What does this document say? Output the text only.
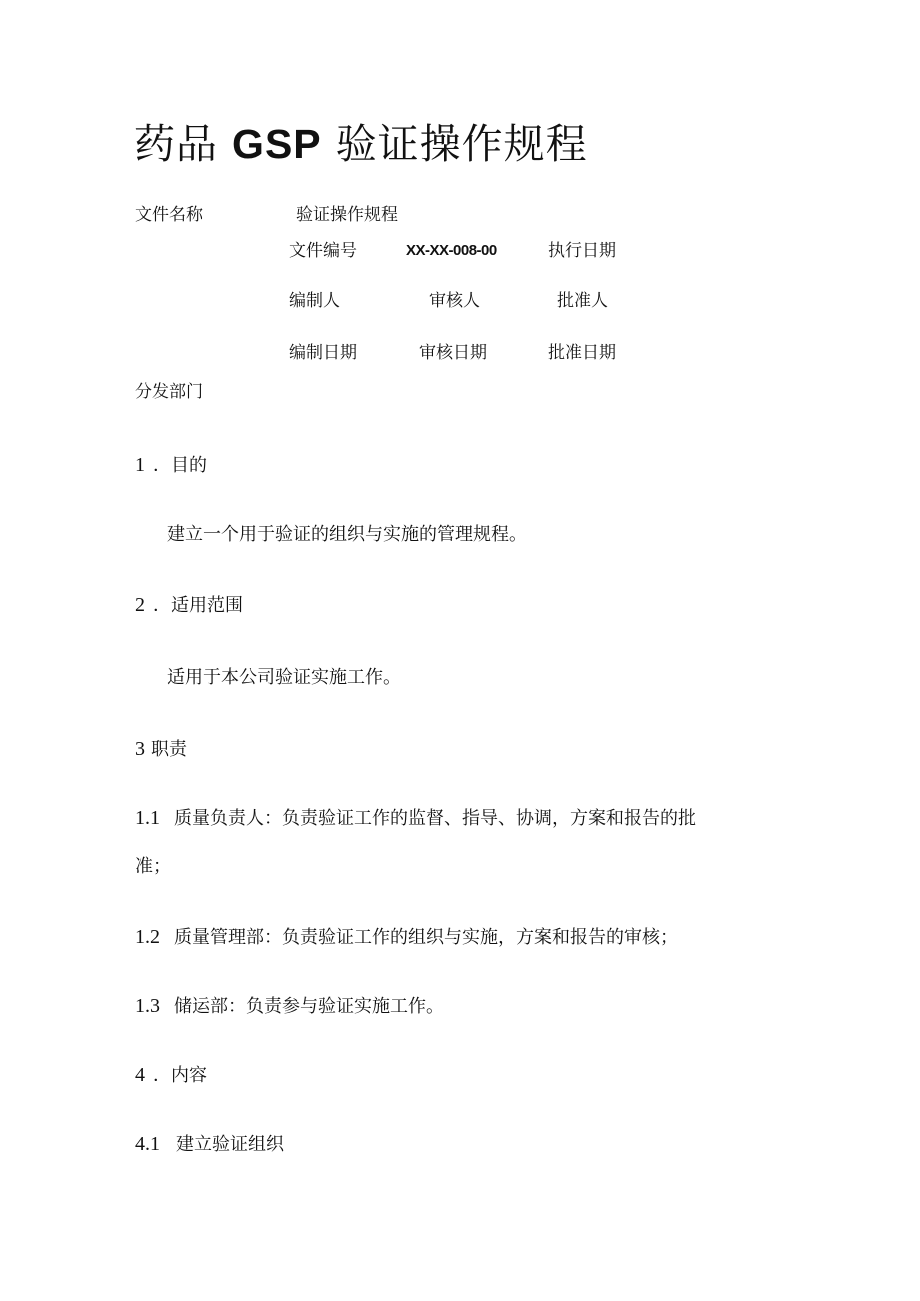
药品 GSP 验证操作规程
文件名称	验证操作规程
文件编号	XX-XX-008-00	执行日期
编制人	审核人	批准人
编制日期	审核日期	批准日期
分发部门
1 ．目的
建立一个用于验证的组织与实施的管理规程。
2 ．适用范围
适用于本公司验证实施工作。
3 职责
1.1 质量负责人：负责验证工作的监督、指导、协调，方案和报告的批
准；
1.2 质量管理部：负责验证工作的组织与实施，方案和报告的审核；
1.3 储运部：负责参与验证实施工作。
4 ．内容
4.1 建立验证组织
